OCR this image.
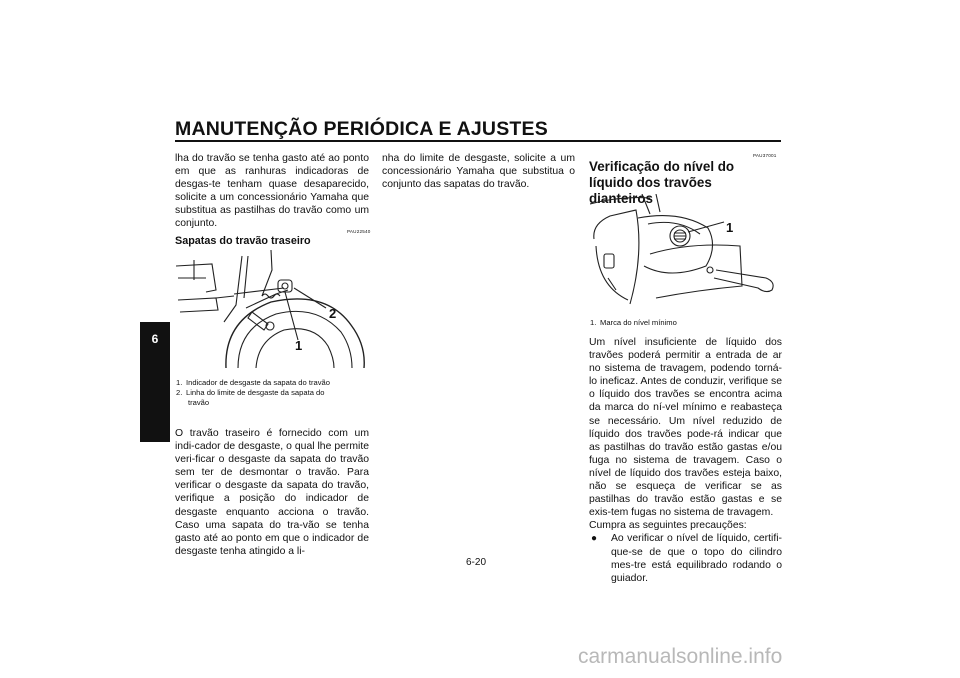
MANUTENÇÃO PERIÓDICA E AJUSTES
6

lha do travão se tenha gasto até ao ponto em que as ranhuras indicadoras de desgas-te tenham quase desaparecido, solicite a um concessionário Yamaha que substitua as pastilhas do travão como um conjunto.

PAU22540
Sapatas do travão traseiro
2
1
1. Indicador de desgaste da sapata do travão
2. Linha do limite de desgaste da sapata do
travão

O travão traseiro é fornecido com um indi-cador de desgaste, o qual lhe permite veri-ficar o desgaste da sapata do travão sem ter de desmontar o travão. Para verificar o desgaste da sapata do travão, verifique a posição do indicador de desgaste enquanto acciona o travão. Caso uma sapata do tra-vão se tenha gasto até ao ponto em que o indicador de desgaste tenha atingido a li-

nha do limite de desgaste, solicite a um concessionário Yamaha que substitua o conjunto das sapatas do travão.

PAU37001
Verificação do nível do líquido dos travões dianteiros
1
1. Marca do nível mínimo

Um nível insuficiente de líquido dos travões poderá permitir a entrada de ar no sistema de travagem, podendo torná-lo ineficaz. Antes de conduzir, verifique se o líquido dos travões se encontra acima da marca do ní-vel mínimo e reabasteça se necessário. Um nível reduzido de líquido dos travões pode-rá indicar que as pastilhas do travão estão gastas e/ou fuga no sistema de travagem. Caso o nível de líquido dos travões esteja baixo, não se esqueça de verificar se as pastilhas do travão estão gastas e se exis-tem fugas no sistema de travagem.

Cumpra as seguintes precauções:

●	Ao verificar o nível de líquido, certifi-que-se de que o topo do cilindro mes-tre está equilibrado rodando o guiador.
6-20
carmanualsonline.info
